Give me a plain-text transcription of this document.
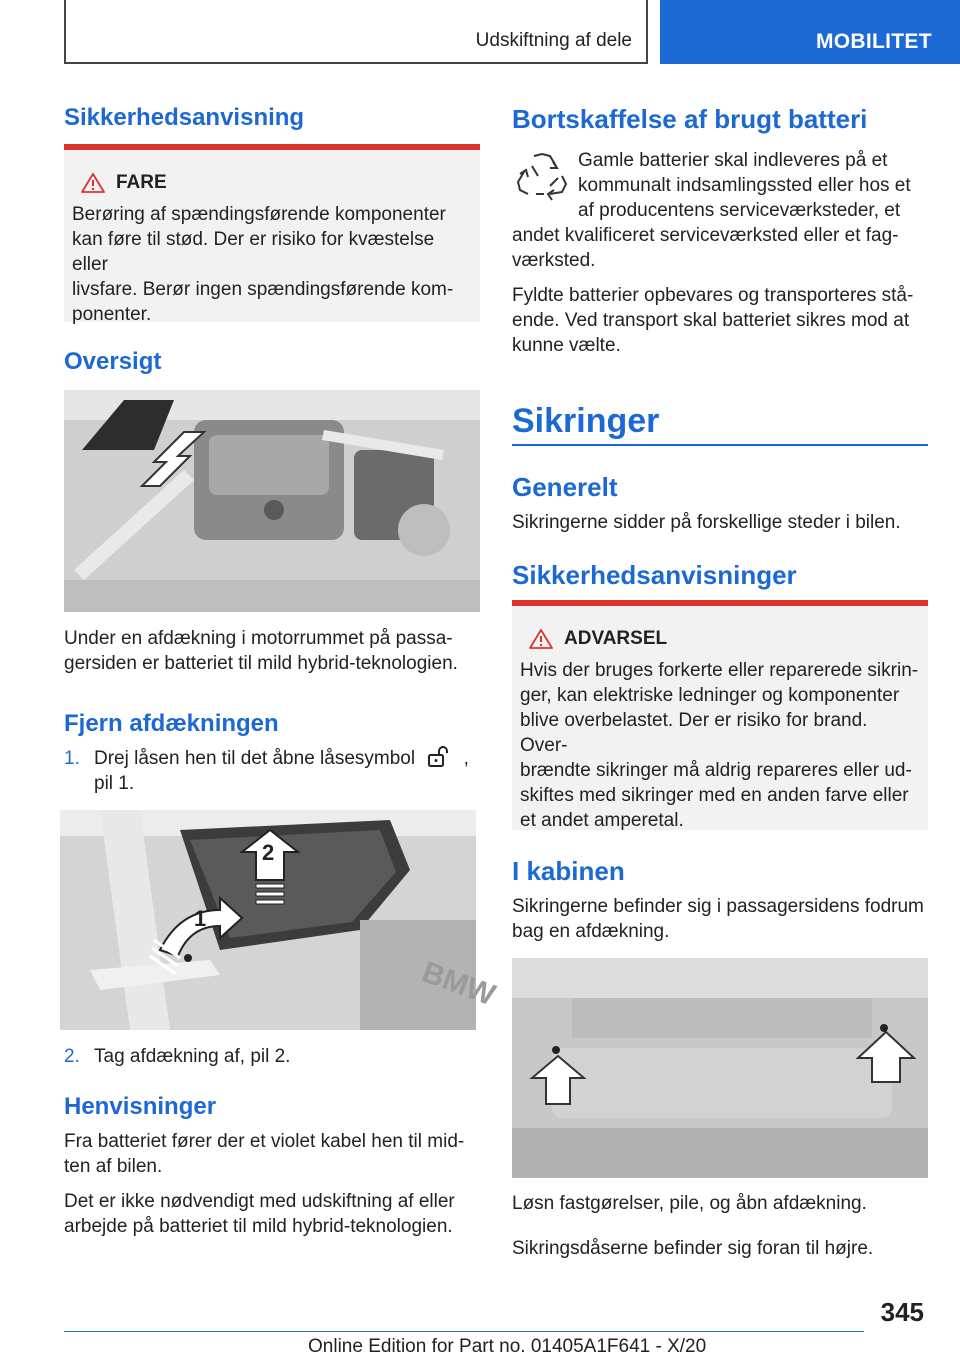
Udskiftning af dele	MOBILITET
Sikkerhedsanvisning
FARE

Berøring af spændingsførende komponenter

kan føre til stød. Der er risiko for kvæstelse eller

livsfare. Berør ingen spændingsførende kom-

ponenter.

Oversigt

Under en afdækning i motorrummet på passa-

gersiden er batteriet til mild hybrid-teknologien.

Fjern afdækningen
1. Drej låsen hen til det åbne låsesymbol	,

pil 1.

BMW
2
1
2. Tag afdækning af, pil 2.

Henvisninger

Fra batteriet fører der et violet kabel hen til mid-

ten af bilen.

Det er ikke nødvendigt med udskiftning af eller

arbejde på batteriet til mild hybrid-teknologien.

Bortskaffelse af brugt batteri

Gamle batterier skal indleveres på et

kommunalt indsamlingssted eller hos et

af producentens serviceværksteder, et

andet kvalificeret serviceværksted eller et fag-

værksted.

Fyldte batterier opbevares og transporteres stå-

ende. Ved transport skal batteriet sikres mod at

kunne vælte.

Sikringer
Generelt

Sikringerne sidder på forskellige steder i bilen.

Sikkerhedsanvisninger
ADVARSEL

Hvis der bruges forkerte eller reparerede sikrin-

ger, kan elektriske ledninger og komponenter

blive overbelastet. Der er risiko for brand. Over-

brændte sikringer må aldrig repareres eller ud-

skiftes med sikringer med en anden farve eller

et andet amperetal.

I kabinen

Sikringerne befinder sig i passagersidens fodrum

bag en afdækning.

Løsn fastgørelser, pile, og åbn afdækning.

Sikringsdåserne befinder sig foran til højre.

345
Online Edition for Part no. 01405A1F641 - X/20
